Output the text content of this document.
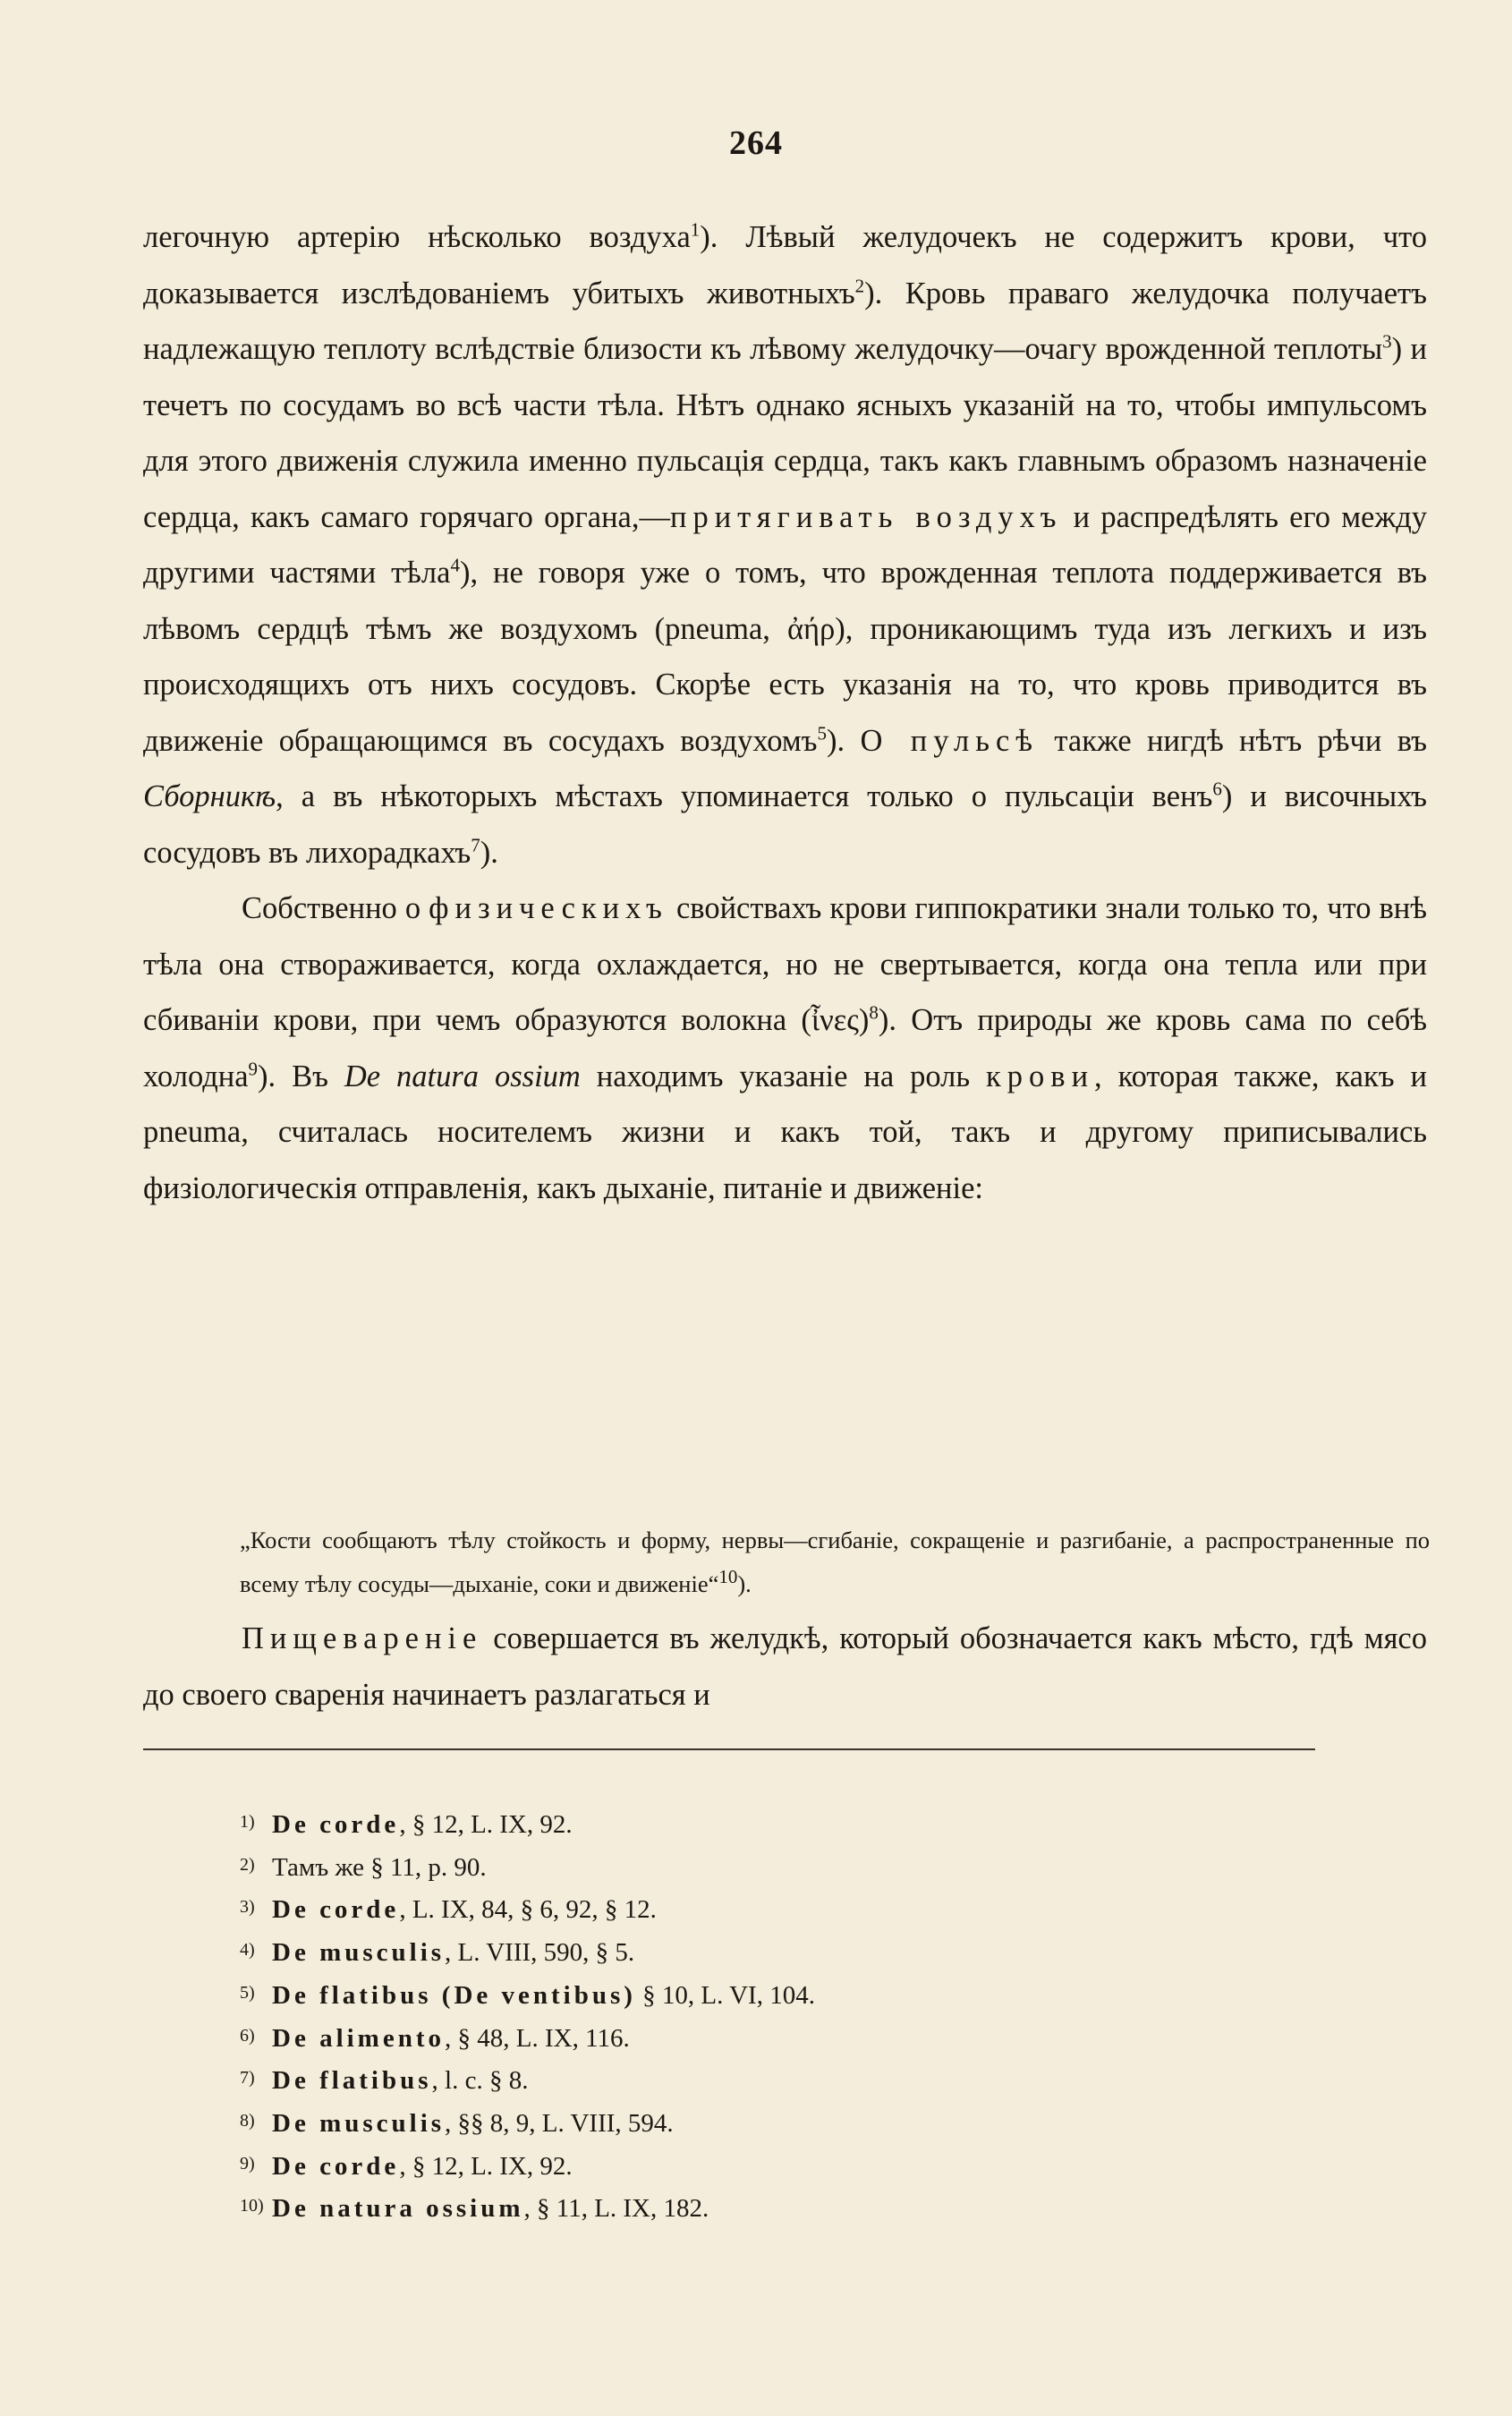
264

легочную артерію нѣсколько воздуха$^1$). Лѣвый желудочекъ не содержитъ крови, что доказывается изслѣдованіемъ убитыхъ животныхъ$^2$). Кровь праваго желудочка получаетъ надлежащую теплоту вслѣдствіе близости къ лѣвому желудочку—очагу врожденной теплоты$^3$) и течетъ по сосудамъ во всѣ части тѣла. Нѣтъ однако ясныхъ указаній на то, чтобы импульсомъ для этого движенія служила именно пульсація сердца, такъ какъ главнымъ образомъ назначеніе сердца, какъ самаго горячаго органа,—притягивать воздухъ и распредѣлять его между другими частями тѣла$^4$), не говоря уже о томъ, что врожденная теплота поддерживается въ лѣвомъ сердцѣ тѣмъ же воздухомъ (pneuma, ἀήρ), проникающимъ туда изъ легкихъ и изъ происходящихъ отъ нихъ сосудовъ. Скорѣе есть указанія на то, что кровь приводится въ движеніе обращающимся въ сосудахъ воздухомъ$^5$). О пульсѣ также нигдѣ нѣтъ рѣчи въ Сборникѣ, а въ нѣкоторыхъ мѣстахъ упоминается только о пульсаціи венъ$^6$) и височныхъ сосудовъ въ лихорадкахъ$^7$).

Собственно о физическихъ свойствахъ крови гиппократики знали только то, что внѣ тѣла она створаживается, когда охлаждается, но не свертывается, когда она тепла или при сбиваніи крови, при чемъ образуются волокна (ἶνες)$^8$). Отъ природы же кровь сама по себѣ холодна$^9$). Въ De natura ossium находимъ указаніе на роль крови, которая также, какъ и pneuma, считалась носителемъ жизни и какъ той, такъ и другому приписывались физіологическія отправленія, какъ дыханіе, питаніе и движеніе:

„Кости сообщаютъ тѣлу стойкость и форму, нервы—сгибаніе, сокращеніе и разгибаніе, а распространенные по всему тѣлу сосуды—дыханіе, соки и движеніе“$^{10}$).

Пищевареніе совершается въ желудкѣ, который обозначается какъ мѣсто, гдѣ мясо до своего сваренія начинаетъ разлагаться и

1) De corde, § 12, L. IX, 92.
2) Тамъ же § 11, p. 90.
3) De corde, L. IX, 84, § 6, 92, § 12.
4) De musculis, L. VIII, 590, § 5.
5) De flatibus (De ventibus) § 10, L. VI, 104.
6) De alimento, § 48, L. IX, 116.
7) De flatibus, l. c. § 8.
8) De musculis, §§ 8, 9, L. VIII, 594.
9) De corde, § 12, L. IX, 92.
10) De natura ossium, § 11, L. IX, 182.
